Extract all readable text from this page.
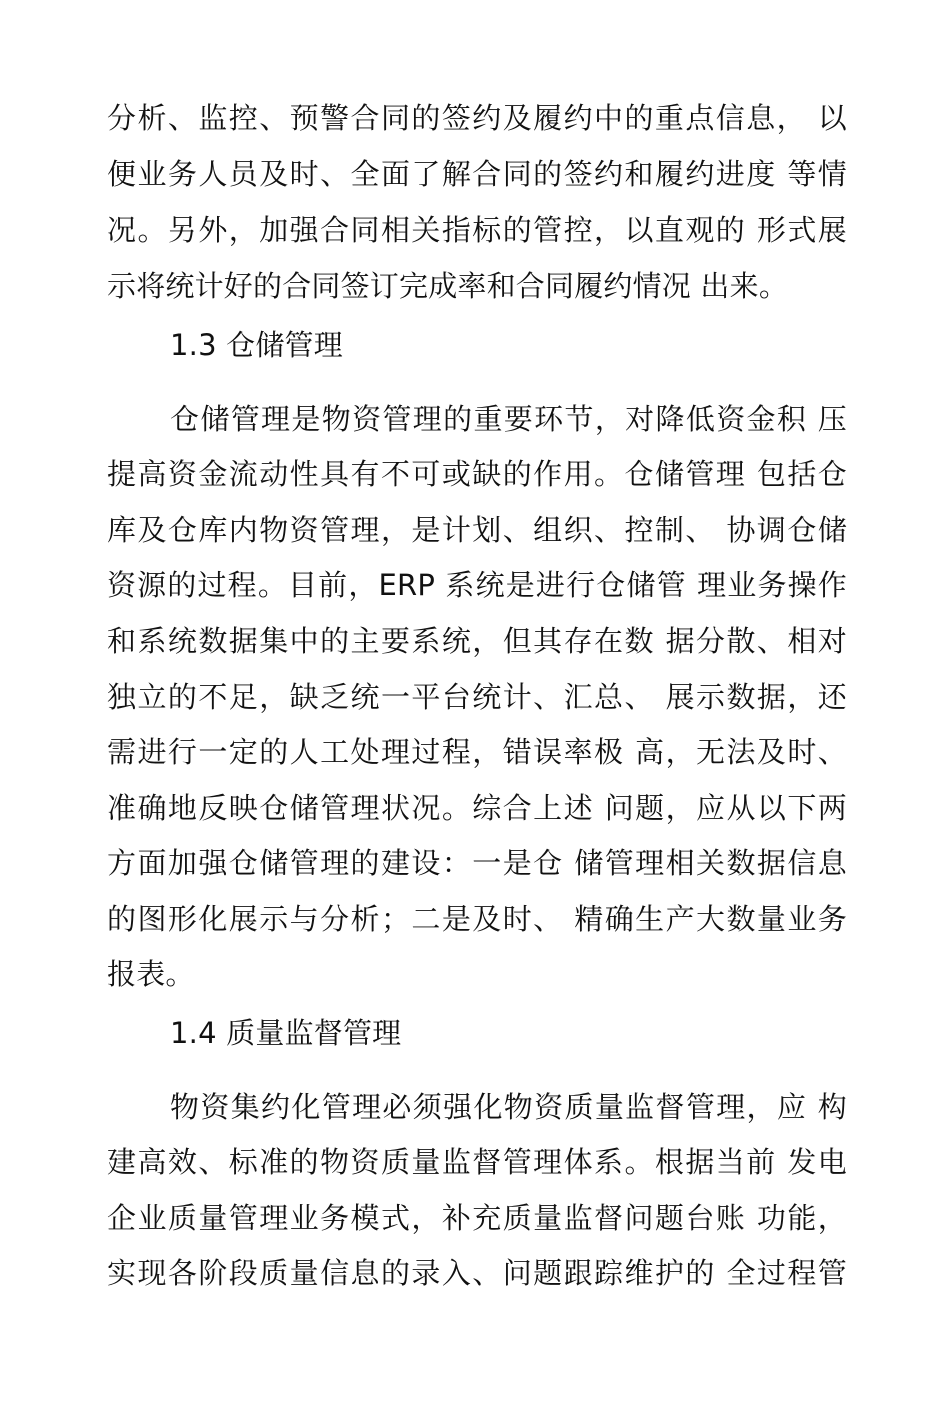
分析、监控、预警合同的签约及履约中的重点信息， 以
便业务人员及时、全面了解合同的签约和履约进度 等情
况。另外，加强合同相关指标的管控，以直观的 形式展
示将统计好的合同签订完成率和合同履约情况 出来。
1.3 仓储管理
仓储管理是物资管理的重要环节，对降低资金积 压
提高资金流动性具有不可或缺的作用。仓储管理 包括仓
库及仓库内物资管理，是计划、组织、控制、 协调仓储
资源的过程。目前，ERP 系统是进行仓储管 理业务操作
和系统数据集中的主要系统，但其存在数 据分散、相对
独立的不足，缺乏统一平台统计、汇总、 展示数据，还
需进行一定的人工处理过程，错误率极 高，无法及时、
准确地反映仓储管理状况。综合上述 问题，应从以下两
方面加强仓储管理的建设：一是仓 储管理相关数据信息
的图形化展示与分析；二是及时、 精确生产大数量业务
报表。
1.4 质量监督管理
物资集约化管理必须强化物资质量监督管理，应 构
建高效、标准的物资质量监督管理体系。根据当前 发电
企业质量管理业务模式，补充质量监督问题台账 功能，
实现各阶段质量信息的录入、问题跟踪维护的 全过程管
